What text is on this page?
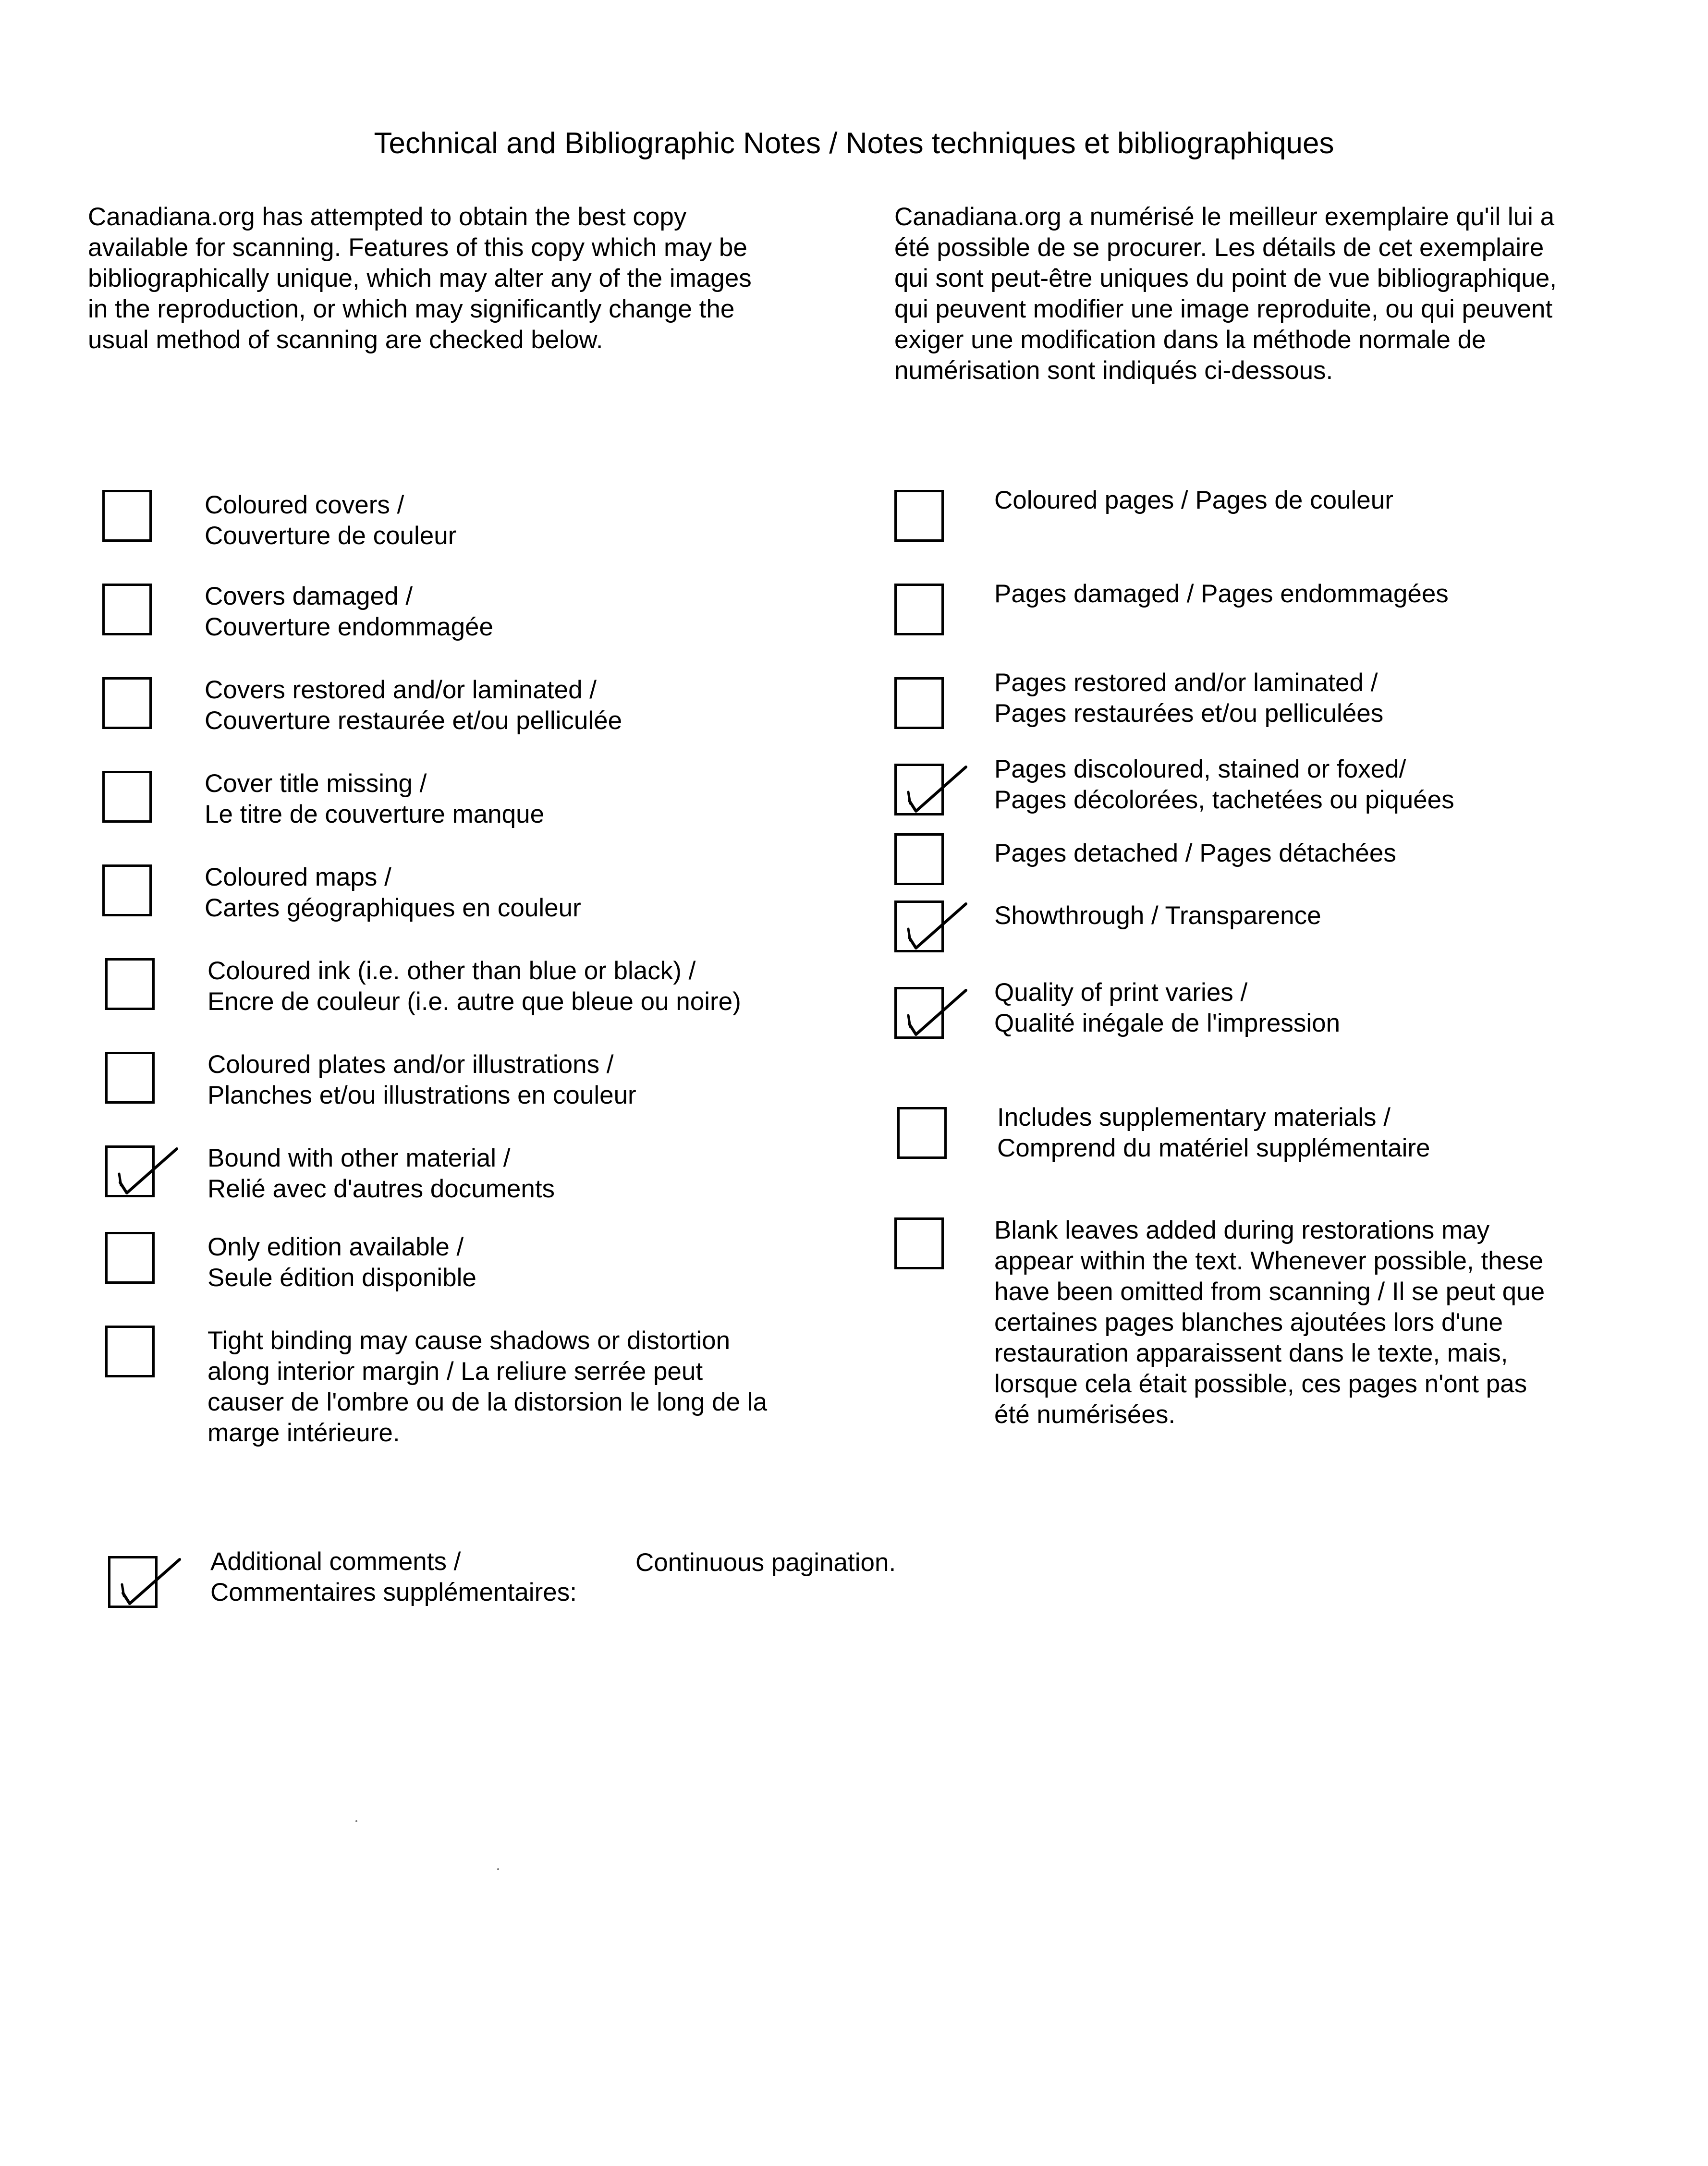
Technical and Bibliographic Notes / Notes techniques et bibliographiques
Canadiana.org has attempted to obtain the best copy
available for scanning. Features of this copy which may be
bibliographically unique, which may alter any of the images
in the reproduction, or which may significantly change the
usual method of scanning are checked below.
Canadiana.org a numérisé le meilleur exemplaire qu'il lui a
été possible de se procurer. Les détails de cet exemplaire
qui sont peut-être uniques du point de vue bibliographique,
qui peuvent modifier une image reproduite, ou qui peuvent
exiger une modification dans la méthode normale de
numérisation sont indiqués ci-dessous.
Coloured covers /
Couverture de couleur
Covers damaged /
Couverture endommagée
Covers restored and/or laminated /
Couverture restaurée et/ou pelliculée
Cover title missing /
Le titre de couverture manque
Coloured maps /
Cartes géographiques en couleur
Coloured ink (i.e. other than blue or black) /
Encre de couleur (i.e. autre que bleue ou noire)
Coloured plates and/or illustrations /
Planches et/ou illustrations en couleur
Bound with other material /
Relié avec d'autres documents
Only edition available /
Seule édition disponible
Tight binding may cause shadows or distortion
along interior margin / La reliure serrée peut
causer de l'ombre ou de la distorsion le long de la
marge intérieure.
Coloured pages / Pages de couleur
Pages damaged / Pages endommagées
Pages restored and/or laminated /
Pages restaurées et/ou pelliculées
Pages discoloured, stained or foxed/
Pages décolorées, tachetées ou piquées
Pages detached / Pages détachées
Showthrough / Transparence
Quality of print varies /
Qualité inégale de l'impression
Includes supplementary materials /
Comprend du matériel supplémentaire
Blank leaves added during restorations may
appear within the text. Whenever possible, these
have been omitted from scanning / Il se peut que
certaines pages blanches ajoutées lors d'une
restauration apparaissent dans le texte, mais,
lorsque cela était possible, ces pages n'ont pas
été numérisées.
Additional comments /
Commentaires supplémentaires:
Continuous pagination.
